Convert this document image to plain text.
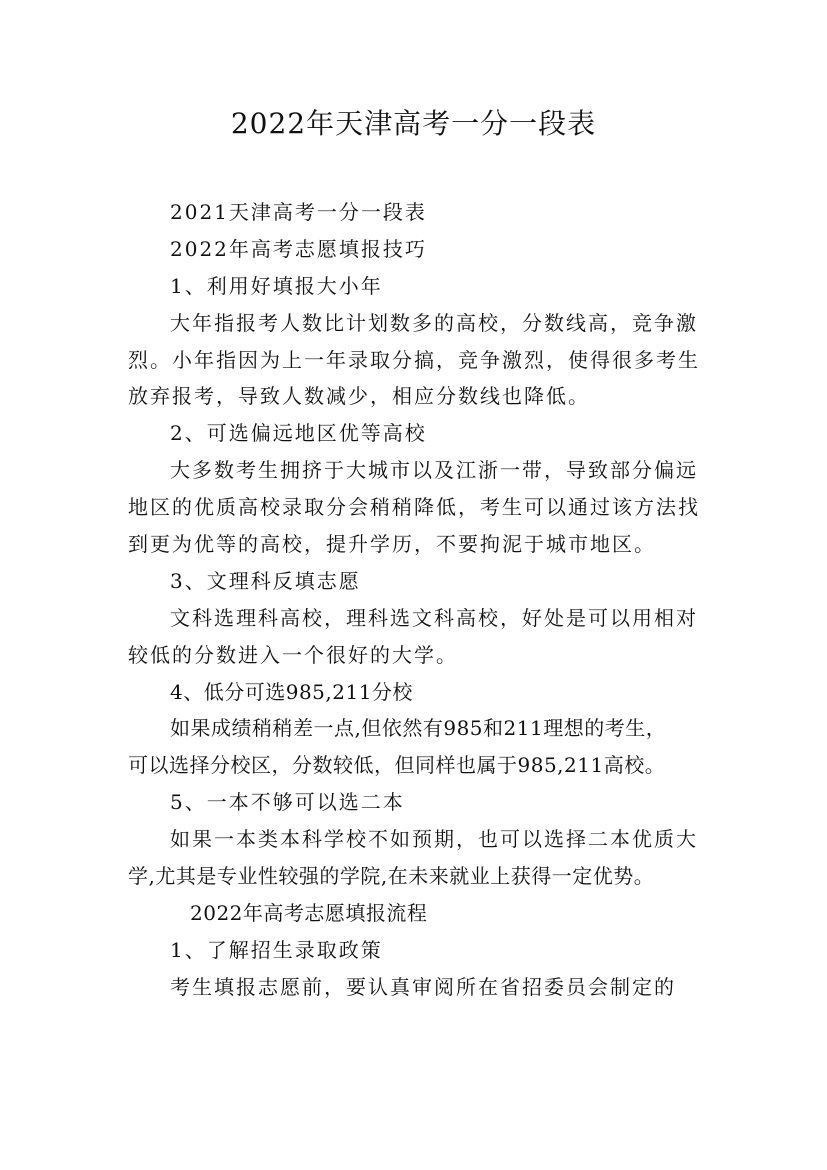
2022年天津高考一分一段表

2021天津高考一分一段表

2022年高考志愿填报技巧

1、利用好填报大小年

大年指报考人数比计划数多的高校，分数线高，竞争激

烈。小年指因为上一年录取分搞，竞争激烈，使得很多考生

放弃报考，导致人数减少，相应分数线也降低。

2、可选偏远地区优等高校

大多数考生拥挤于大城市以及江浙一带，导致部分偏远

地区的优质高校录取分会稍稍降低，考生可以通过该方法找

到更为优等的高校，提升学历，不要拘泥于城市地区。

3、文理科反填志愿

文科选理科高校，理科选文科高校，好处是可以用相对

较低的分数进入一个很好的大学。

4、低分可选985,211分校

如果成绩稍稍差一点,但依然有985和211理想的考生，

可以选择分校区，分数较低，但同样也属于985,211高校。

5、一本不够可以选二本

如果一本类本科学校不如预期，也可以选择二本优质大

学,尤其是专业性较强的学院,在未来就业上获得一定优势。

2022年高考志愿填报流程

1、了解招生录取政策

考生填报志愿前，要认真审阅所在省招委员会制定的
